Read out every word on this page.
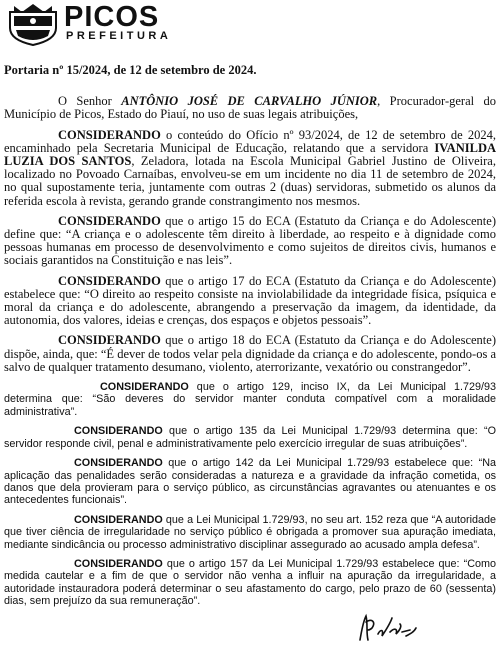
PICOS
PREFEITURA
Portaria nº 15/2024, de 12 de setembro de 2024.

O Senhor ANTÔNIO JOSÉ DE CARVALHO JÚNIOR, Procurador-geral do Município de Picos, Estado do Piauí, no uso de suas legais atribuições,

CONSIDERANDO o conteúdo do Ofício nº 93/2024, de 12 de setembro de 2024, encaminhado pela Secretaria Municipal de Educação, relatando que a servidora IVANILDA LUZIA DOS SANTOS, Zeladora, lotada na Escola Municipal Gabriel Justino de Oliveira, localizado no Povoado Carnaíbas, envolveu-se em um incidente no dia 11 de setembro de 2024, no qual supostamente teria, juntamente com outras 2 (duas) servidoras, submetido os alunos da referida escola à revista, gerando grande constrangimento nos mesmos.

CONSIDERANDO que o artigo 15 do ECA (Estatuto da Criança e do Adolescente) define que: “A criança e o adolescente têm direito à liberdade, ao respeito e à dignidade como pessoas humanas em processo de desenvolvimento e como sujeitos de direitos civis, humanos e sociais garantidos na Constituição e nas leis”.

CONSIDERANDO que o artigo 17 do ECA (Estatuto da Criança e do Adolescente) estabelece que: “O direito ao respeito consiste na inviolabilidade da integridade física, psíquica e moral da criança e do adolescente, abrangendo a preservação da imagem, da identidade, da autonomia, dos valores, ideias e crenças, dos espaços e objetos pessoais”.

CONSIDERANDO que o artigo 18 do ECA (Estatuto da Criança e do Adolescente) dispõe, ainda, que: “É dever de todos velar pela dignidade da criança e do adolescente, pondo-os a salvo de qualquer tratamento desumano, violento, aterrorizante, vexatório ou constrangedor”.

CONSIDERANDO que o artigo 129, inciso IX, da Lei Municipal 1.729/93 determina que: “São deveres do servidor manter conduta compatível com a moralidade administrativa”.

CONSIDERANDO que o artigo 135 da Lei Municipal 1.729/93 determina que: “O servidor responde civil, penal e administrativamente pelo exercício irregular de suas atribuições”.

CONSIDERANDO que o artigo 142 da Lei Municipal 1.729/93 estabelece que: “Na aplicação das penalidades serão consideradas a natureza e a gravidade da infração cometida, os danos que dela provieram para o serviço público, as circunstâncias agravantes ou atenuantes e os antecedentes funcionais”.

CONSIDERANDO que a Lei Municipal 1.729/93, no seu art. 152 reza que “A autoridade que tiver ciência de irregularidade no serviço público é obrigada a promover sua apuração imediata, mediante sindicância ou processo administrativo disciplinar assegurado ao acusado ampla defesa”.

CONSIDERANDO que o artigo 157 da Lei Municipal 1.729/93 estabelece que: “Como medida cautelar e a fim de que o servidor não venha a influir na apuração da irregularidade, a autoridade instauradora poderá determinar o seu afastamento do cargo, pelo prazo de 60 (sessenta) dias, sem prejuízo da sua remuneração”.
